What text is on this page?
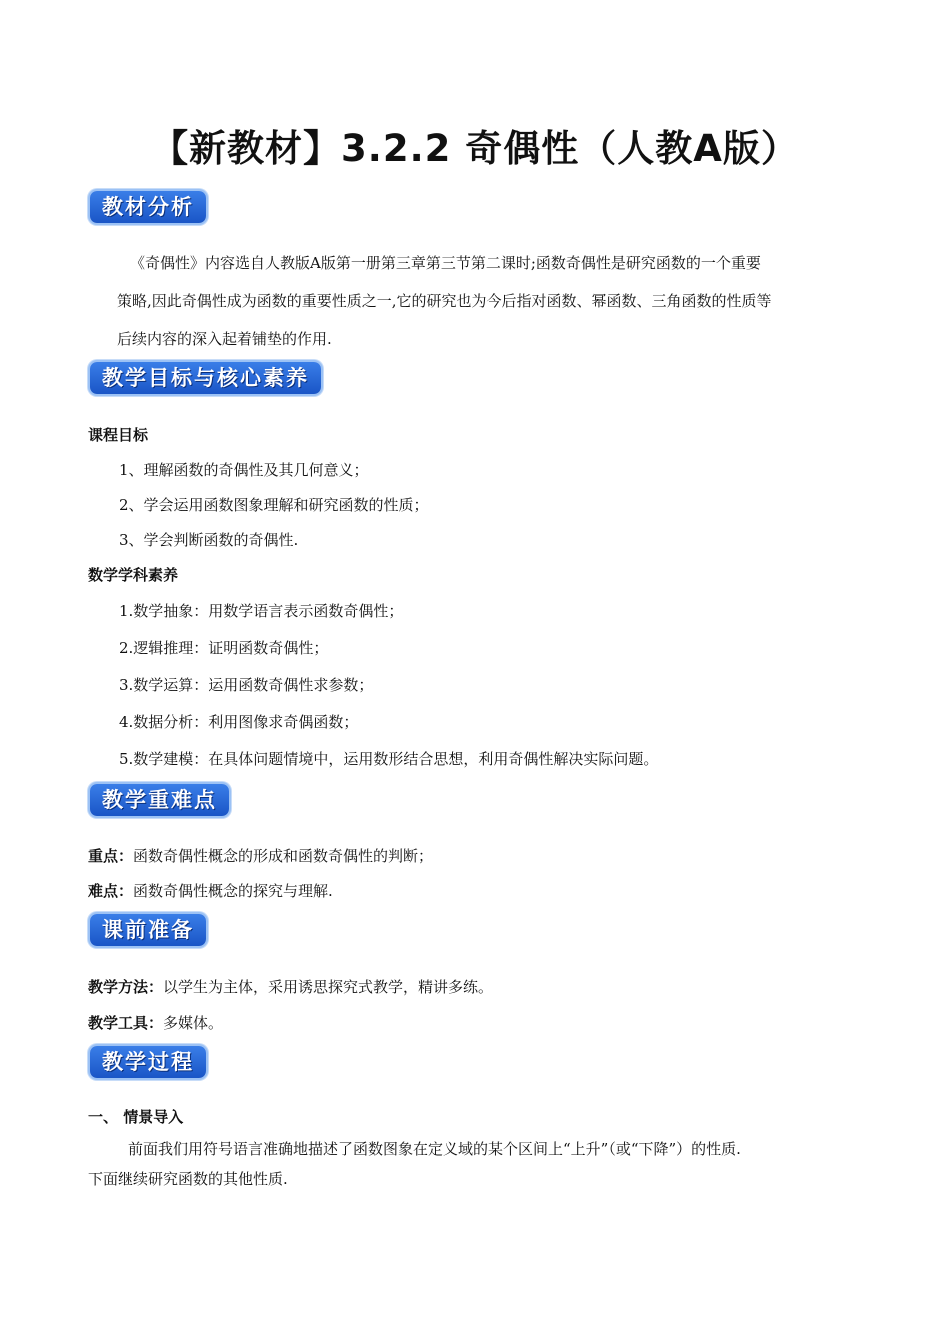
【新教材】3.2.2 奇偶性（人教A版）
教材分析

《奇偶性》内容选自人教版A版第一册第三章第三节第二课时;函数奇偶性是研究函数的一个重要

策略,因此奇偶性成为函数的重要性质之一,它的研究也为今后指对函数、幂函数、三角函数的性质等

后续内容的深入起着铺垫的作用.

教学目标与核心素养

课程目标

1、理解函数的奇偶性及其几何意义；

2、学会运用函数图象理解和研究函数的性质；

3、学会判断函数的奇偶性.

数学学科素养

1.数学抽象：用数学语言表示函数奇偶性；

2.逻辑推理：证明函数奇偶性；

3.数学运算：运用函数奇偶性求参数；

4.数据分析：利用图像求奇偶函数；

5.数学建模：在具体问题情境中，运用数形结合思想，利用奇偶性解决实际问题。

教学重难点

重点：函数奇偶性概念的形成和函数奇偶性的判断；

难点：函数奇偶性概念的探究与理解.

课前准备

教学方法：以学生为主体，采用诱思探究式教学，精讲多练。

教学工具：多媒体。

教学过程

一、 情景导入

前面我们用符号语言准确地描述了函数图象在定义域的某个区间上“上升”（或“下降”）的性质.

下面继续研究函数的其他性质.
